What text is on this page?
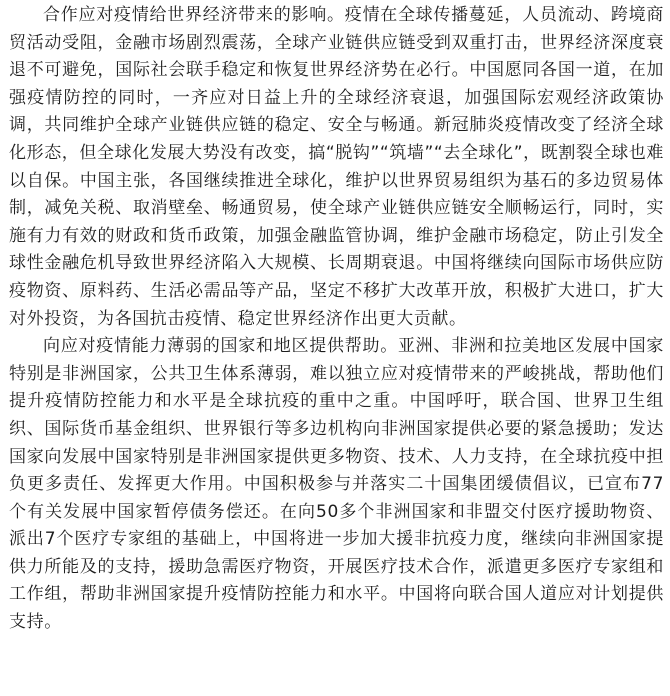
合作应对疫情给世界经济带来的影响。疫情在全球传播蔓延，人员流动、跨境商贸活动受阻，金融市场剧烈震荡，全球产业链供应链受到双重打击，世界经济深度衰退不可避免，国际社会联手稳定和恢复世界经济势在必行。中国愿同各国一道，在加强疫情防控的同时，一齐应对日益上升的全球经济衰退，加强国际宏观经济政策协调，共同维护全球产业链供应链的稳定、安全与畅通。新冠肺炎疫情改变了经济全球化形态，但全球化发展大势没有改变，搞“脱钩”“筑墙”“去全球化”，既割裂全球也难以自保。中国主张，各国继续推进全球化，维护以世界贸易组织为基石的多边贸易体制，减免关税、取消壁垒、畅通贸易，使全球产业链供应链安全顺畅运行，同时，实施有力有效的财政和货币政策，加强金融监管协调，维护金融市场稳定，防止引发全球性金融危机导致世界经济陷入大规模、长周期衰退。中国将继续向国际市场供应防疫物资、原料药、生活必需品等产品，坚定不移扩大改革开放，积极扩大进口，扩大对外投资，为各国抗击疫情、稳定世界经济作出更大贡献。

向应对疫情能力薄弱的国家和地区提供帮助。亚洲、非洲和拉美地区发展中国家特别是非洲国家，公共卫生体系薄弱，难以独立应对疫情带来的严峻挑战，帮助他们提升疫情防控能力和水平是全球抗疫的重中之重。中国呼吁，联合国、世界卫生组织、国际货币基金组织、世界银行等多边机构向非洲国家提供必要的紧急援助；发达国家向发展中国家特别是非洲国家提供更多物资、技术、人力支持，在全球抗疫中担负更多责任、发挥更大作用。中国积极参与并落实二十国集团缓债倡议，已宣布77个有关发展中国家暂停债务偿还。在向50多个非洲国家和非盟交付医疗援助物资、派出7个医疗专家组的基础上，中国将进一步加大援非抗疫力度，继续向非洲国家提供力所能及的支持，援助急需医疗物资，开展医疗技术合作，派遣更多医疗专家组和工作组，帮助非洲国家提升疫情防控能力和水平。中国将向联合国人道应对计划提供支持。
